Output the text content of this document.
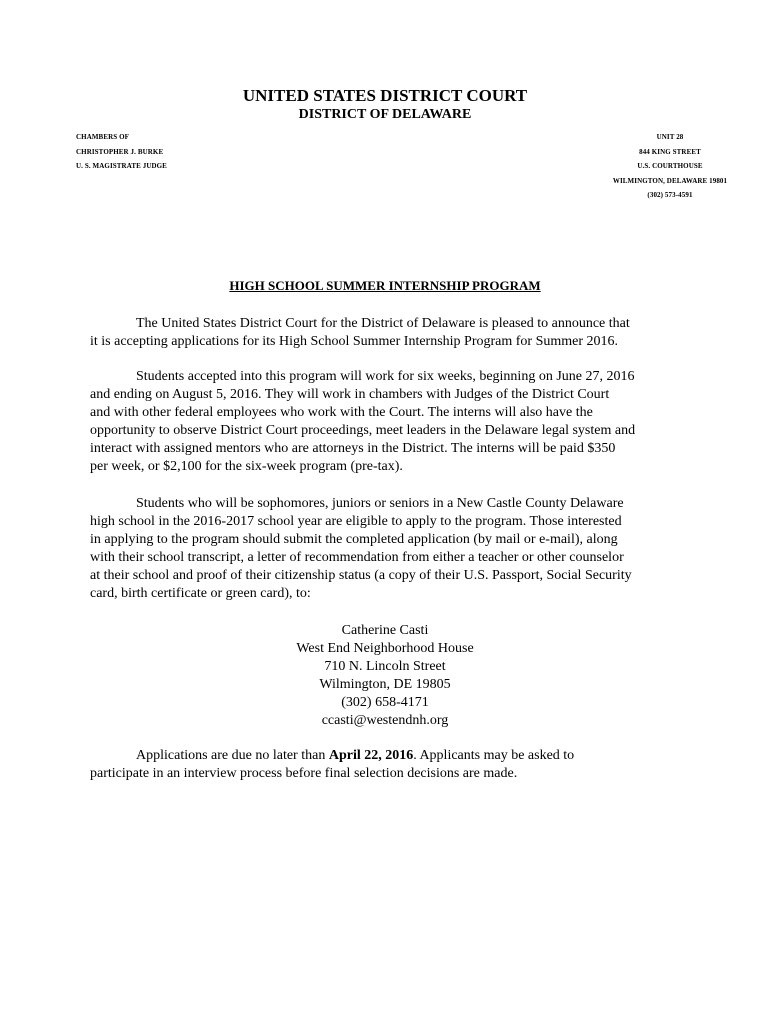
UNITED STATES DISTRICT COURT
DISTRICT OF DELAWARE
CHAMBERS OF
CHRISTOPHER J. BURKE
U. S. MAGISTRATE JUDGE
UNIT 28
844 KING STREET
U.S. COURTHOUSE
WILMINGTON, DELAWARE 19801
(302) 573-4591
HIGH SCHOOL SUMMER INTERNSHIP PROGRAM
The United States District Court for the District of Delaware is pleased to announce that
it is accepting applications for its High School Summer Internship Program for Summer 2016.
Students accepted into this program will work for six weeks, beginning on June 27, 2016
and ending on August 5, 2016. They will work in chambers with Judges of the District Court
and with other federal employees who work with the Court. The interns will also have the
opportunity to observe District Court proceedings, meet leaders in the Delaware legal system and
interact with assigned mentors who are attorneys in the District. The interns will be paid $350
per week, or $2,100 for the six-week program (pre-tax).
Students who will be sophomores, juniors or seniors in a New Castle County Delaware
high school in the 2016-2017 school year are eligible to apply to the program. Those interested
in applying to the program should submit the completed application (by mail or e-mail), along
with their school transcript, a letter of recommendation from either a teacher or other counselor
at their school and proof of their citizenship status (a copy of their U.S. Passport, Social Security
card, birth certificate or green card), to:
Catherine Casti
West End Neighborhood House
710 N. Lincoln Street
Wilmington, DE 19805
(302) 658-4171
ccasti@westendnh.org
Applications are due no later than April 22, 2016. Applicants may be asked to
participate in an interview process before final selection decisions are made.
